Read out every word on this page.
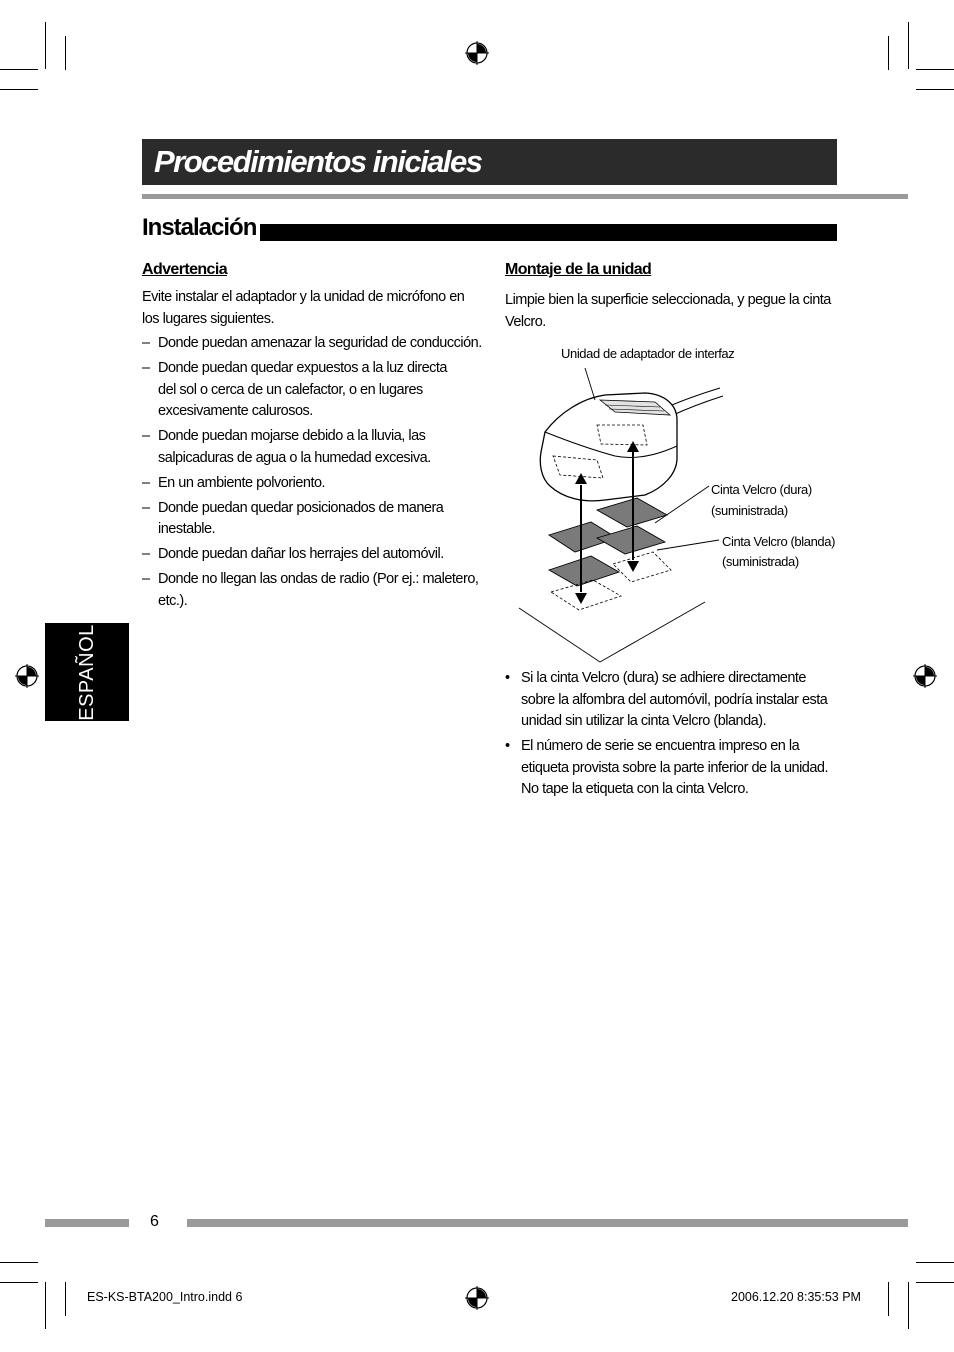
Procedimientos iniciales
Instalación
Advertencia
Evite instalar el adaptador y la unidad de micrófono en los lugares siguientes.
– Donde puedan amenazar la seguridad de conducción.
– Donde puedan quedar expuestos a la luz directa del sol o cerca de un calefactor, o en lugares excesivamente calurosos.
– Donde puedan mojarse debido a la lluvia, las salpicaduras de agua o la humedad excesiva.
– En un ambiente polvoriento.
– Donde puedan quedar posicionados de manera inestable.
– Donde puedan dañar los herrajes del automóvil.
– Donde no llegan las ondas de radio (Por ej.: maletero, etc.).
Montaje de la unidad
Limpie bien la superficie seleccionada, y pegue la cinta Velcro.
Unidad de adaptador de interfaz
Cinta Velcro (dura)
(suministrada)
Cinta Velcro (blanda)
(suministrada)
• Si la cinta Velcro (dura) se adhiere directamente sobre la alfombra del automóvil, podría instalar esta unidad sin utilizar la cinta Velcro (blanda).
• El número de serie se encuentra impreso en la etiqueta provista sobre la parte inferior de la unidad. No tape la etiqueta con la cinta Velcro.
ESPAÑOL
6
ES-KS-BTA200_Intro.indd 6	2006.12.20 8:35:53 PM
